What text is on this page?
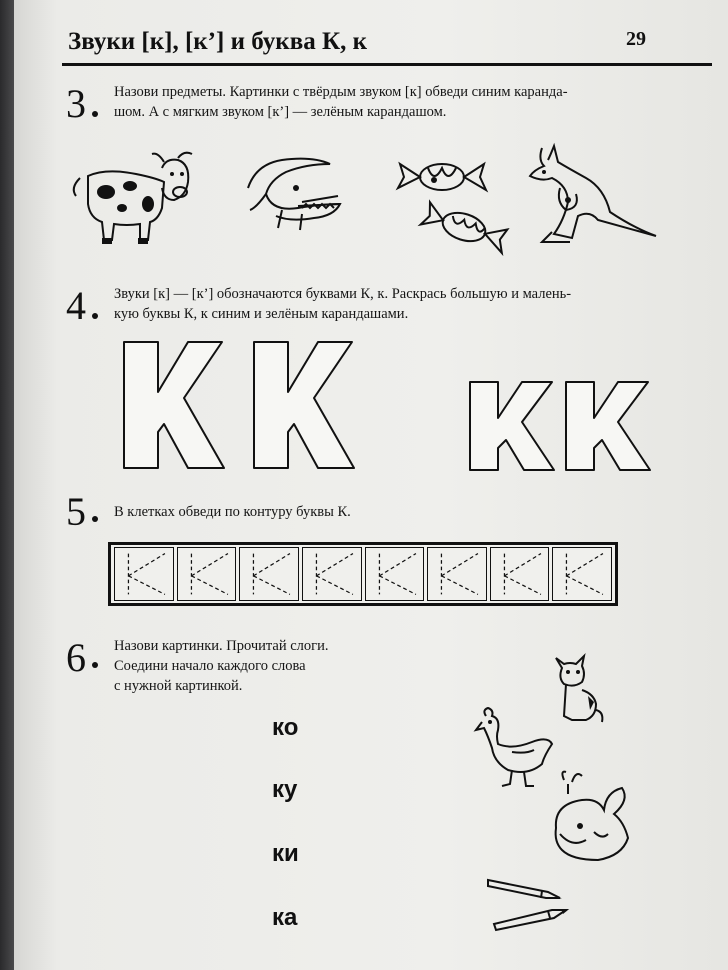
Звуки [к], [к’] и буква К, к	29
3 Назови предметы. Картинки с твёрдым звуком [к] обведи синим каранда-
шом. А с мягким звуком [к’] — зелёным карандашом.
4 Звуки [к] — [к’] обозначаются буквами К, к. Раскрась большую и малень-
кую буквы К, к синим и зелёным карандашами.
5 В клетках обведи по контуру буквы К.
6 Назови картинки. Прочитай слоги.
Соедини начало каждого слова
с нужной картинкой.
ко
ку
ки
ка
